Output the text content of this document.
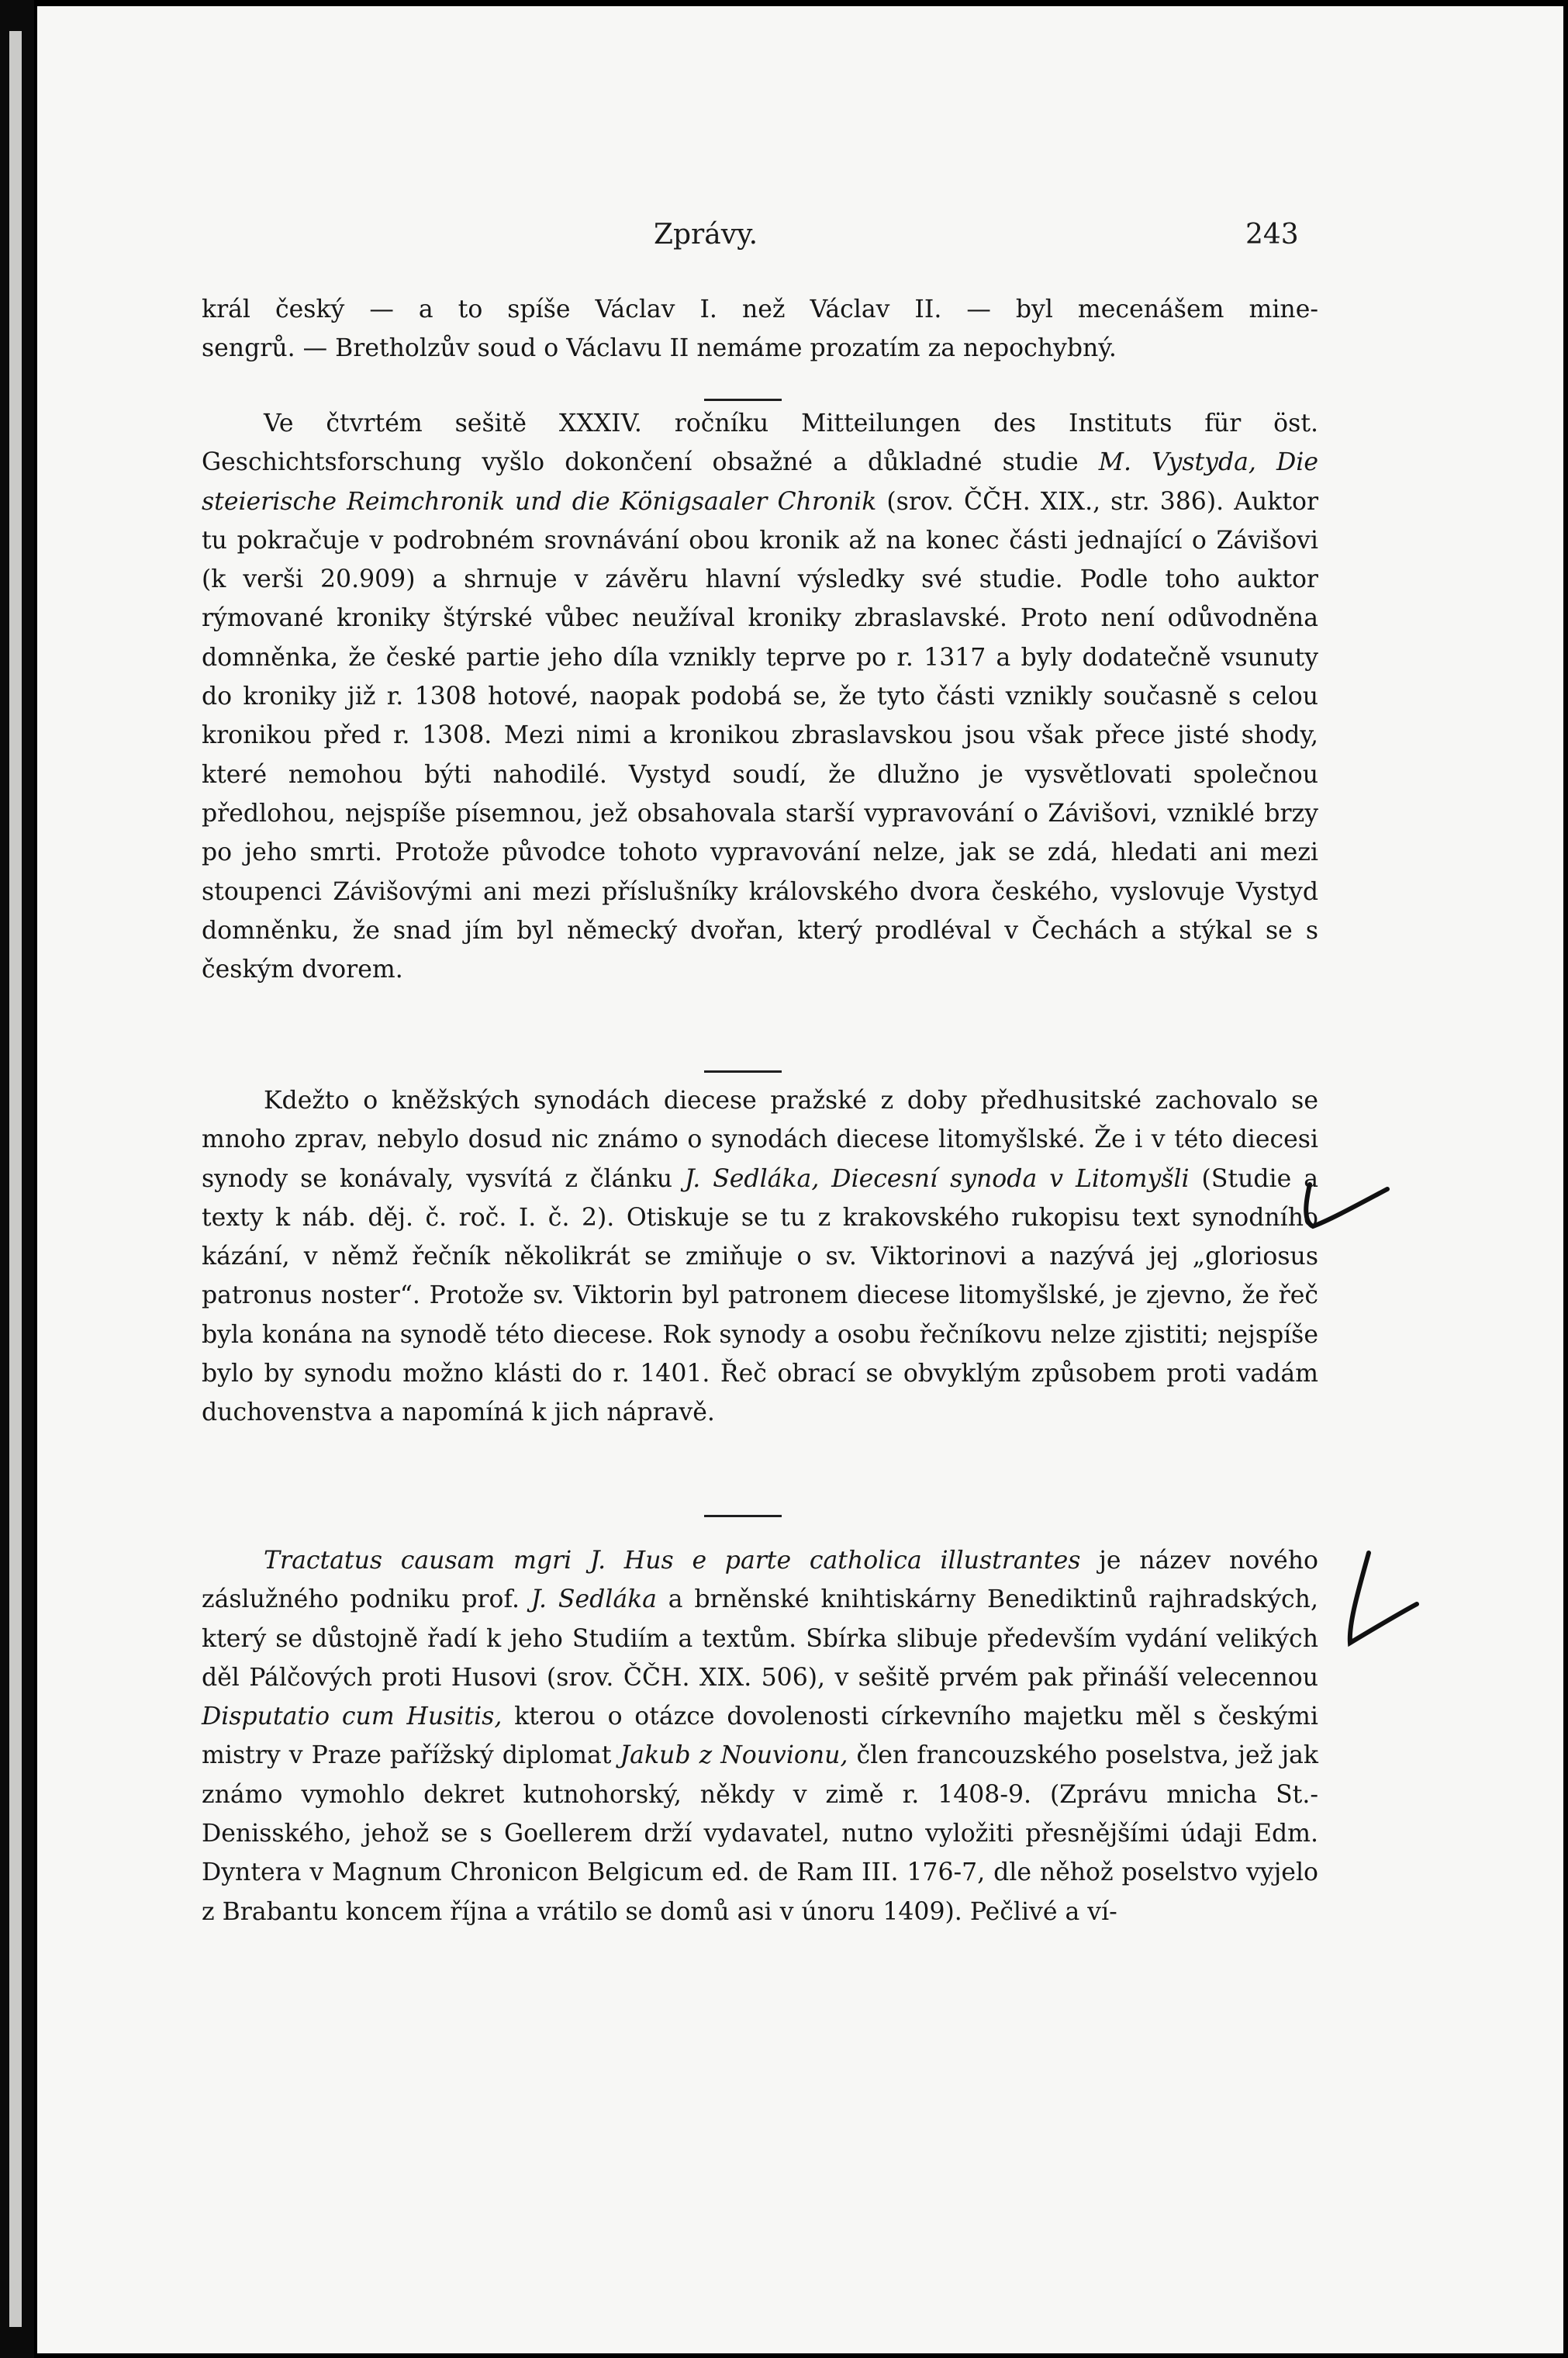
Zprávy.	243

král český — a to spíše Václav I. než Václav II. — byl mecenášem mine-

sengrů. — Bretholzův soud o Václavu II nemáme prozatím za nepochybný.

Ve čtvrtém sešitě XXXIV. ročníku Mitteilungen des Instituts für öst. Geschichtsforschung vyšlo dokončení obsažné a důkladné studie M. Vystyda, Die steierische Reimchronik und die Königsaaler Chronik (srov. ČČH. XIX., str. 386). Auktor tu pokračuje v podrobném srovnávání obou kronik až na konec části jednající o Závišovi (k verši 20.909) a shrnuje v závěru hlavní výsledky své studie. Podle toho auktor rýmované kroniky štýrské vůbec neužíval kroniky zbraslavské. Proto není odůvodněna domněnka, že české partie jeho díla vznikly teprve po r. 1317 a byly dodatečně vsunuty do kroniky již r. 1308 hotové, naopak podobá se, že tyto části vznikly současně s celou kronikou před r. 1308. Mezi nimi a kronikou zbraslavskou jsou však přece jisté shody, které nemohou býti nahodilé. Vystyd soudí, že dlužno je vysvětlovati společnou předlohou, nejspíše písemnou, jež obsahovala starší vypravování o Závišovi, vzniklé brzy po jeho smrti. Protože původce tohoto vypravování nelze, jak se zdá, hledati ani mezi stoupenci Závišovými ani mezi příslušníky královského dvora českého, vyslovuje Vystyd domněnku, že snad jím byl německý dvořan, který prodléval v Čechách a stýkal se s českým dvorem.

Kdežto o kněžských synodách diecese pražské z doby předhusitské zachovalo se mnoho zprav, nebylo dosud nic známo o synodách diecese litomyšlské. Že i v této diecesi synody se konávaly, vysvítá z článku J. Sedláka, Diecesní synoda v Litomyšli (Studie a texty k náb. děj. č. roč. I. č. 2). Otiskuje se tu z krakovského rukopisu text synodního kázání, v němž řečník několikrát se zmiňuje o sv. Viktorinovi a nazývá jej „gloriosus patronus noster“. Protože sv. Viktorin byl patronem diecese litomyšlské, je zjevno, že řeč byla konána na synodě této diecese. Rok synody a osobu řečníkovu nelze zjistiti; nejspíše bylo by synodu možno klásti do r. 1401. Řeč obrací se obvyklým způsobem proti vadám duchovenstva a napomíná k jich nápravě.

Tractatus causam mgri J. Hus e parte catholica illustrantes je název nového záslužného podniku prof. J. Sedláka a brněnské knihtiskárny Benediktinů rajhradských, který se důstojně řadí k jeho Studiím a textům. Sbírka slibuje především vydání velikých děl Pálčových proti Husovi (srov. ČČH. XIX. 506), v sešitě prvém pak přináší velecennou Disputatio cum Husitis, kterou o otázce dovolenosti církevního majetku měl s českými mistry v Praze pařížský diplomat Jakub z Nouvionu, člen francouzského poselstva, jež jak známo vymohlo dekret kutnohorský, někdy v zimě r. 1408-9. (Zprávu mnicha St.-Denisského, jehož se s Goellerem drží vydavatel, nutno vyložiti přesnějšími údaji Edm. Dyntera v Magnum Chronicon Belgicum ed. de Ram III. 176-7, dle něhož poselstvo vyjelo z Brabantu koncem října a vrátilo se domů asi v únoru 1409). Pečlivé a ví-
